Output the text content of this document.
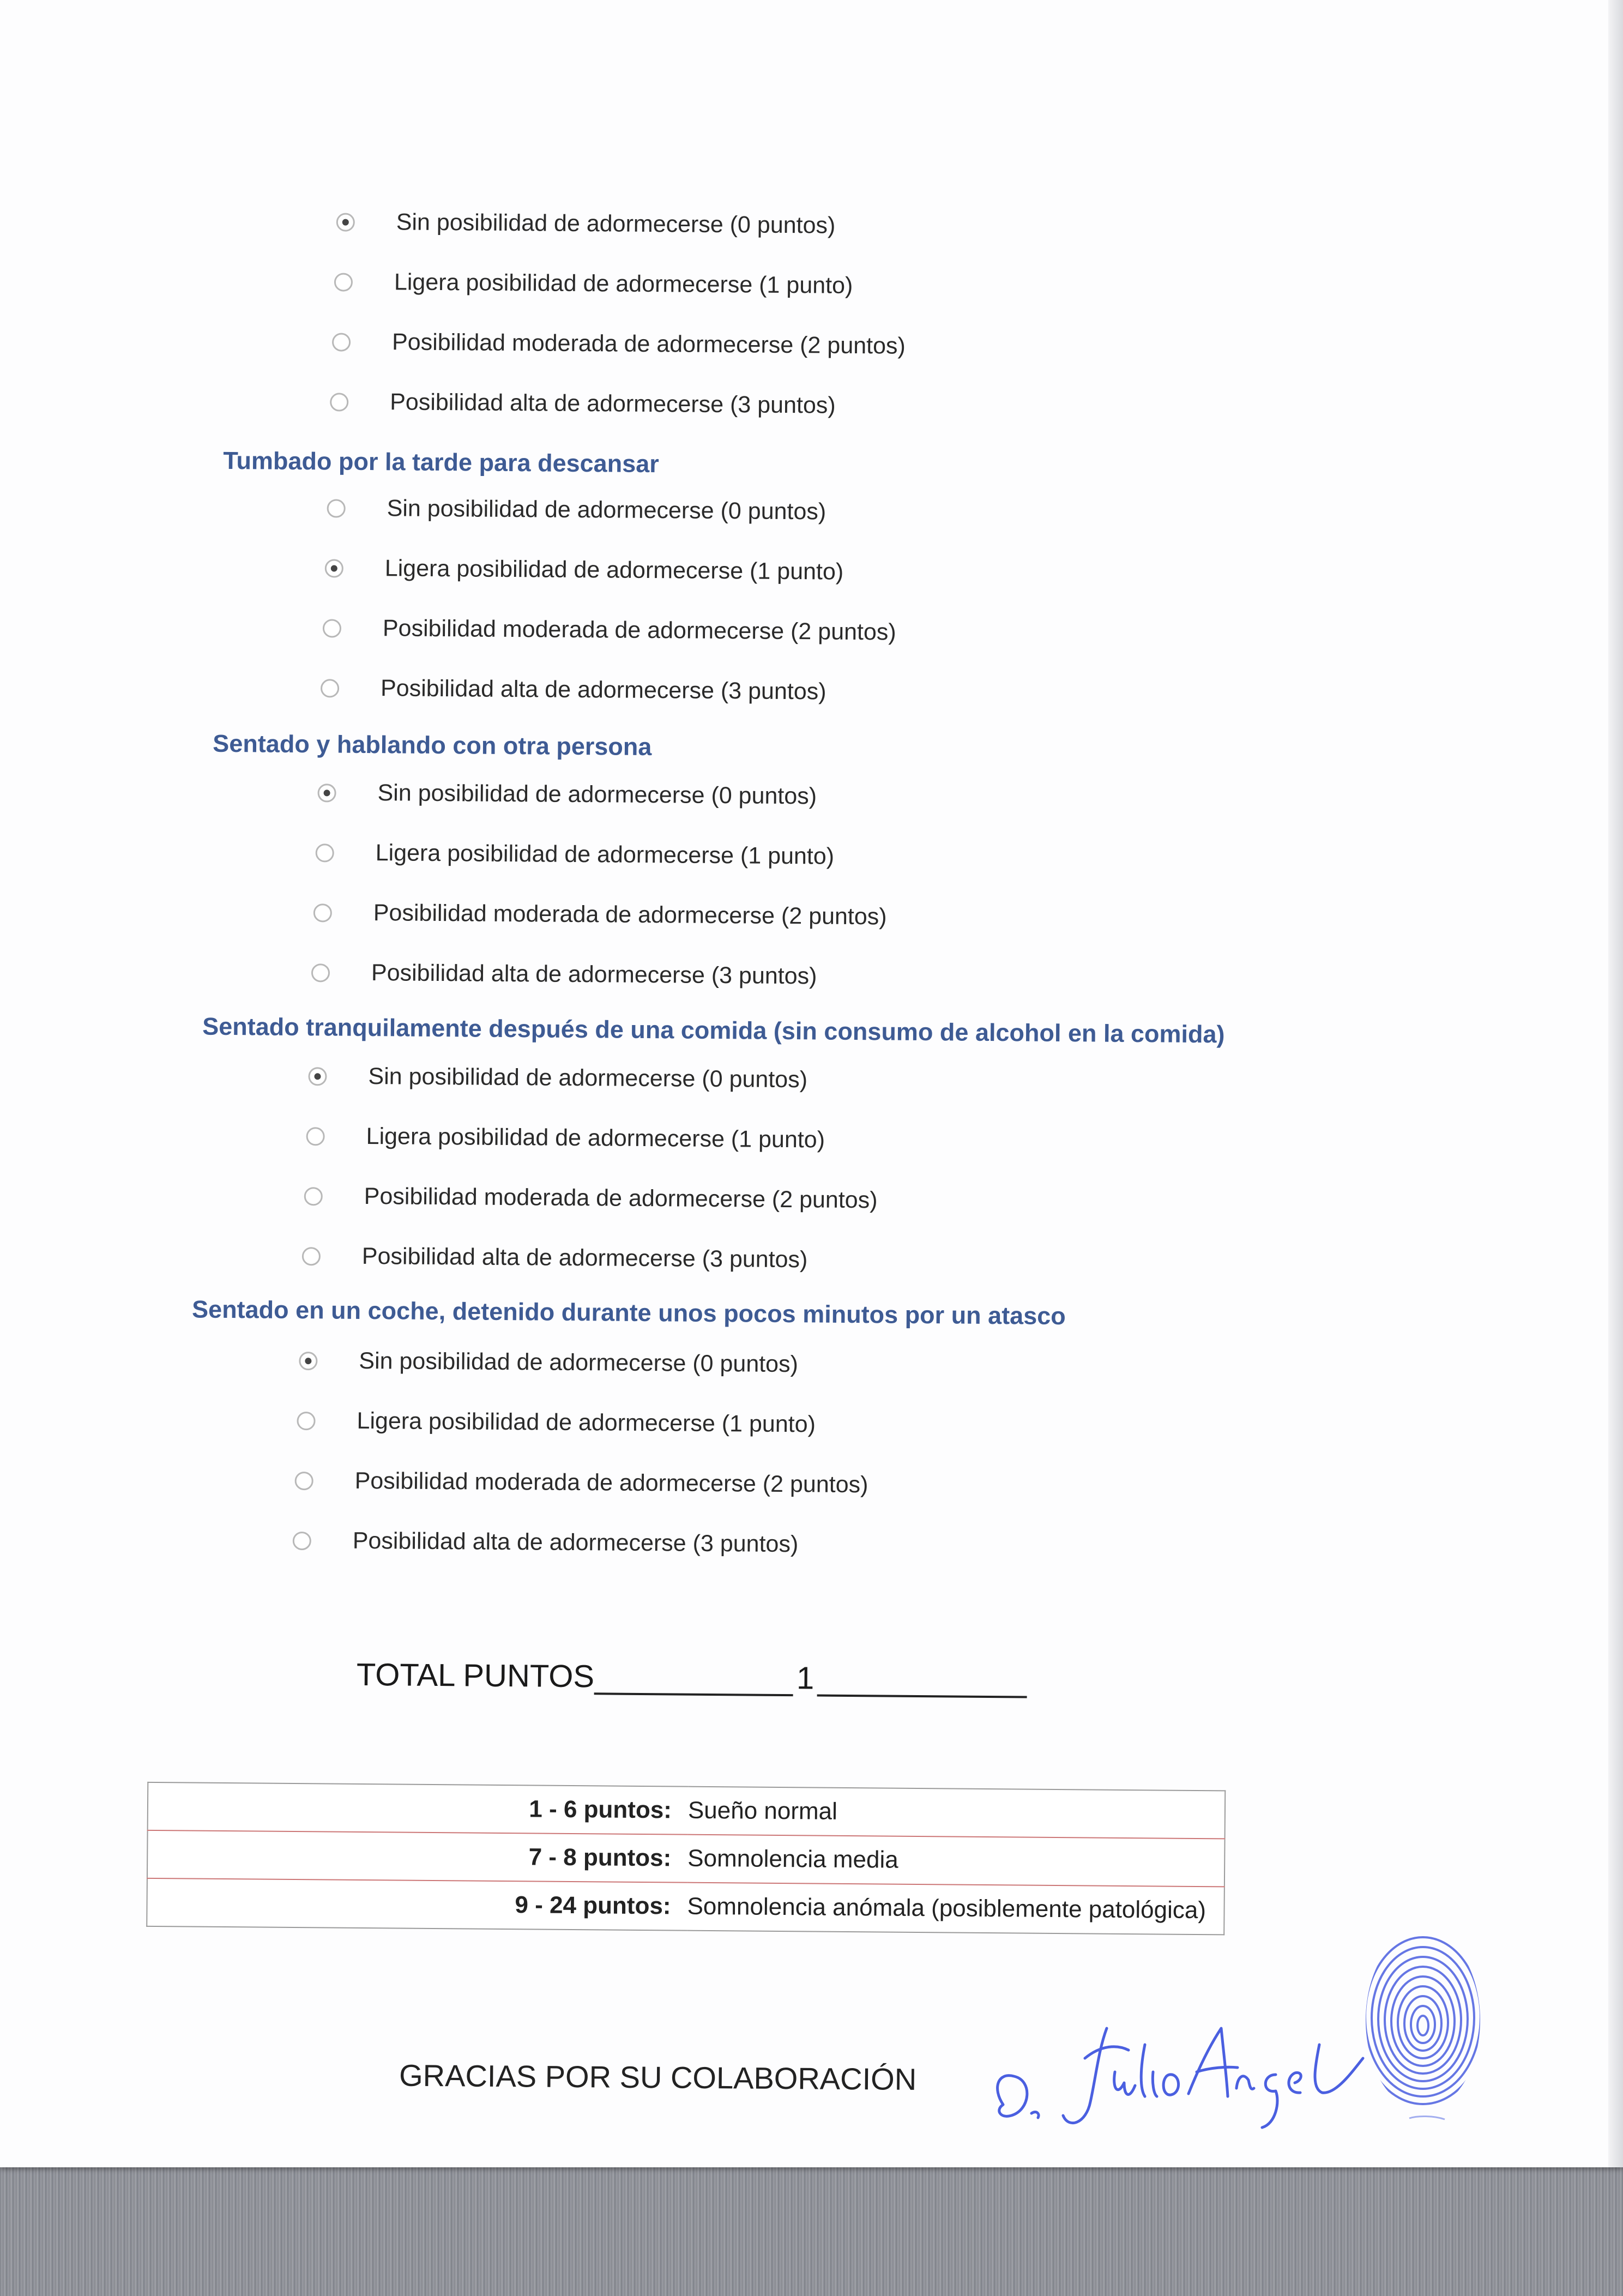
TOTAL PUNTOS	1
1 - 6 puntos:	Sueño normal
7 - 8 puntos:	Somnolencia media
9 - 24 puntos:	Somnolencia anómala (posiblemente patológica)
GRACIAS POR SU COLABORACIÓN
Sin posibilidad de adormecerse (0 puntos)
Ligera posibilidad de adormecerse (1 punto)
Posibilidad moderada de adormecerse (2 puntos)
Posibilidad alta de adormecerse (3 puntos)
Tumbado por la tarde para descansar
Sin posibilidad de adormecerse (0 puntos)
Ligera posibilidad de adormecerse (1 punto)
Posibilidad moderada de adormecerse (2 puntos)
Posibilidad alta de adormecerse (3 puntos)
Sentado y hablando con otra persona
Sin posibilidad de adormecerse (0 puntos)
Ligera posibilidad de adormecerse (1 punto)
Posibilidad moderada de adormecerse (2 puntos)
Posibilidad alta de adormecerse (3 puntos)
Sentado tranquilamente después de una comida (sin consumo de alcohol en la comida)
Sin posibilidad de adormecerse (0 puntos)
Ligera posibilidad de adormecerse (1 punto)
Posibilidad moderada de adormecerse (2 puntos)
Posibilidad alta de adormecerse (3 puntos)
Sentado en un coche, detenido durante unos pocos minutos por un atasco
Sin posibilidad de adormecerse (0 puntos)
Ligera posibilidad de adormecerse (1 punto)
Posibilidad moderada de adormecerse (2 puntos)
Posibilidad alta de adormecerse (3 puntos)
